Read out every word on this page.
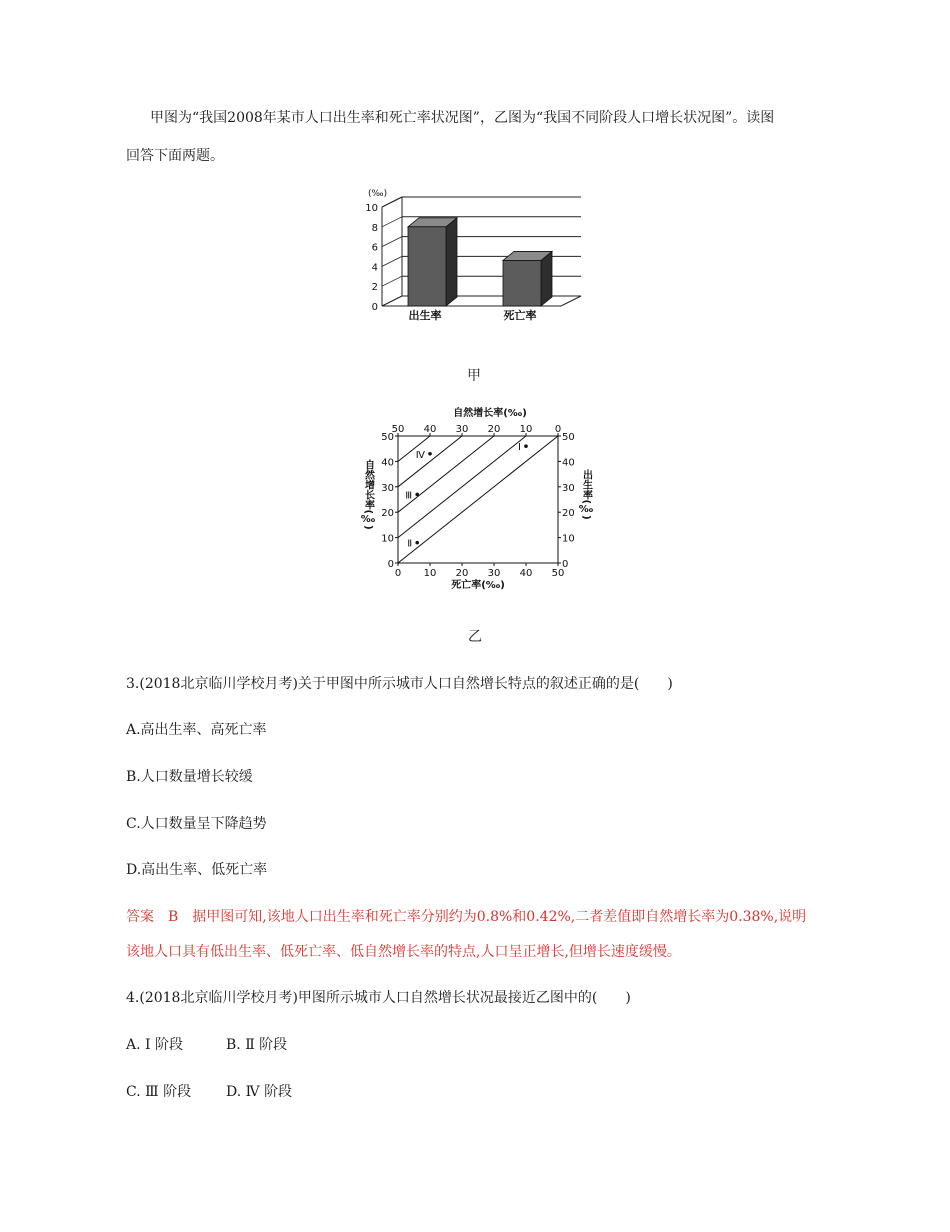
甲图为“我国2008年某市人口出生率和死亡率状况图”，乙图为“我国不同阶段人口增长状况图”。读图
回答下面两题。
0
2
4
6
8
10
(‰)
出生率	死亡率
甲
0
50
0	0
10
40
10	10
20
30
20	20
30
20
30	30
40
10
40	40
50
0
50	50
自然增长率(‰)
死亡率(‰)
自然增长率(‰)	出生率(‰)
Ⅰ
Ⅱ
Ⅲ
Ⅳ
乙
3.(2018北京临川学校月考)关于甲图中所示城市人口自然增长特点的叙述正确的是(　　)
A.高出生率、高死亡率
B.人口数量增长较缓
C.人口数量呈下降趋势
D.高出生率、低死亡率
答案　B　据甲图可知,该地人口出生率和死亡率分别约为0.8%和0.42%,二者差值即自然增长率为0.38%,说明
该地人口具有低出生率、低死亡率、低自然增长率的特点,人口呈正增长,但增长速度缓慢。
4.(2018北京临川学校月考)甲图所示城市人口自然增长状况最接近乙图中的(　　)
A. Ⅰ 阶段	B. Ⅱ 阶段
C. Ⅲ 阶段 D. Ⅳ 阶段
